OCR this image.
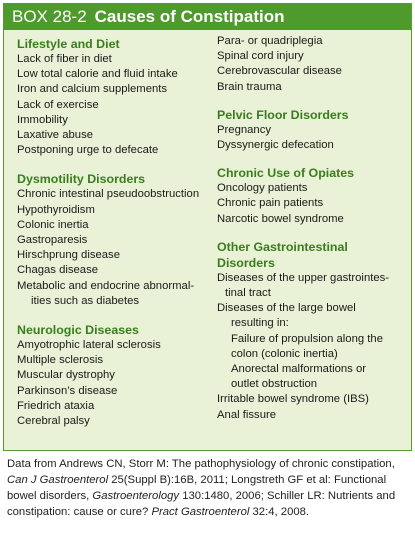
BOX 28-2 Causes of Constipation
Lifestyle and Diet
Lack of fiber in diet
Low total calorie and fluid intake
Iron and calcium supplements
Lack of exercise
Immobility
Laxative abuse
Postponing urge to defecate
Dysmotility Disorders
Chronic intestinal pseudoobstruction
Hypothyroidism
Colonic inertia
Gastroparesis
Hirschprung disease
Chagas disease
Metabolic and endocrine abnormal-
ities such as diabetes
Neurologic Diseases
Amyotrophic lateral sclerosis
Multiple sclerosis
Muscular dystrophy
Parkinson’s disease
Friedrich ataxia
Cerebral palsy
Para- or quadriplegia
Spinal cord injury
Cerebrovascular disease
Brain trauma
Pelvic Floor Disorders
Pregnancy
Dyssynergic defecation
Chronic Use of Opiates
Oncology patients
Chronic pain patients
Narcotic bowel syndrome
Other Gastrointestinal Disorders
Diseases of the upper gastrointes-
tinal tract
Diseases of the large bowel
resulting in:
Failure of propulsion along the
colon (colonic inertia)
Anorectal malformations or
outlet obstruction
Irritable bowel syndrome (IBS)
Anal fissure
Data from Andrews CN, Storr M: The pathophysiology of chronic constipation, Can J Gastroenterol 25(Suppl B):16B, 2011; Longstreth GF et al: Functional bowel disorders, Gastroenterology 130:1480, 2006; Schiller LR: Nutrients and constipation: cause or cure? Pract Gastroenterol 32:4, 2008.
